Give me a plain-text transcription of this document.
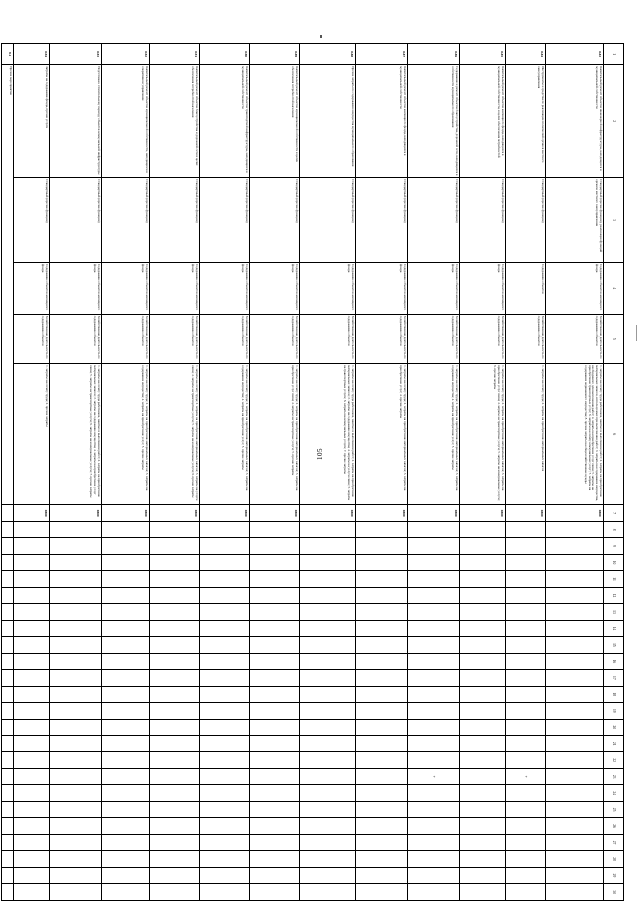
105
1	2	3	4	5	6	7	8	9	10	11	12	13	14	15	16	17	18	19	20	21	22	23	24	25	26	27	28	29	30
8.83	Капитальный ремонт объектов инженерной инфраструктуры, находящихся в муниципальной собственности	Стандартный (прочие функции), реализация функций органов местного самоуправления	Содержание объектов жилищного фонда	Хозяйственная деятельность по содержанию объектов	1. затраты на оплату труда работников, занятых в выполнении работ; 2. затраты на приобретение материальных запасов, используемых при выполнении работ; 3. затраты на содержание имущества, необходимого для выполнения работ; 4. затраты на приобретение услуг связи; 5. затраты на приобретение транспортных услуг; 6. затраты на оплату коммунальных услуг; 7. затраты на содержание недвижимого имущества; 8. прочие затраты на общехозяйственные нужды	0880																							
8.84	Инструменты и средства по реализации полномочий органов местного самоуправления	Стандартный (прочие функции)	Содержание объектов	Хозяйственная деятельность по содержанию объектов	1. затраты на оплату труда; 2. затраты на приобретение материальных запасов	0880																+							
8.85	Капитальный ремонт объектов жилищного фонда, находящихся в муниципальной собственности, в целях обеспечения потребностей	Стандартный (прочие функции)	Содержание объектов жилищного фонда	Хозяйственная деятельность по содержанию объектов	1. затраты на оплату труда; 2. затраты на приобретение материальных запасов; 3. затраты на приобретение услуг связи; 4. затраты на транспортные услуги; 5. затраты на коммунальные услуги; 6. прочие затраты	0880																							
8.86	Содержание и ремонт объектов благоустройства, дорожной сети, находящихся в собственности муниципального образования	Стандартный (прочие функции)	Содержание объектов жилищного фонда	Хозяйственная деятельность по содержанию объектов	1. затраты на оплату труда; 2. затраты на приобретение материальных запасов; 3. затраты на содержание имущества; 4. затраты на приобретение услуг; 5. прочие затраты	0880																+							
8.87	Капитальный ремонт объектов жилищного фонда, находящихся в муниципальной собственности	Стандартный (прочие функции)	Содержание объектов жилищного фонда	Хозяйственная деятельность по содержанию объектов	1. затраты на оплату труда; 2. затраты на приобретение материальных запасов; 3. затраты на приобретение услуг; 4. прочие затраты	0880																							
8.88	Прочие затраты по содержанию имущества муниципального образования	Стандартный (прочие функции)	Содержание объектов жилищного фонда	Хозяйственная деятельность по содержанию объектов	1. затраты на оплату труда работников, занятых в выполнении работ; 2. затраты на приобретение материальных запасов; 3. затраты на содержание имущества; 4. затраты на услуги связи; 5. затраты на транспортные услуги; 6. затраты на коммунальные услуги; 7. прочие затраты	0880																							
8.89	Капитальный ремонт объектов муниципальной собственности в целях обеспечения потребностей населения	Стандартный (прочие функции)	Содержание объектов жилищного фонда	Хозяйственная деятельность по содержанию объектов	1. затраты на оплату труда; 2. затраты на приобретение материальных запасов; 3. затраты на приобретение услуг связи; 4. затраты на транспортные услуги; 5. прочие затраты	0880																							
8.90	Капитальный ремонт объектов транспортной инфраструктуры, находящихся в муниципальной собственности	Стандартный (прочие функции)	Содержание объектов жилищного фонда	Хозяйственная деятельность по содержанию объектов	1. затраты на оплату труда; 2. затраты на приобретение материальных запасов; 3. затраты на содержание имущества; 4. затраты на приобретение услуг; 5. прочие затраты	0880																							
8.91	Капитальный ремонт объектов благоустройства и дорожной сети в целях обеспечения потребностей населения	Стандартный (прочие функции)	Содержание объектов жилищного фонда	Хозяйственная деятельность по содержанию объектов	1. затраты на оплату труда; 2. затраты на приобретение материальных запасов; 3. затраты на услуги связи; 4. затраты на транспортные услуги; 5. затраты на коммунальные услуги; 6. прочие затраты	0880																							
8.92	Капитальный ремонт объектов муниципальной собственности, находящихся в оперативном управлении	Стандартный (прочие функции)	Содержание объектов жилищного фонда	Хозяйственная деятельность по содержанию объектов	1. затраты на оплату труда; 2. затраты на приобретение материальных запасов; 3. затраты на содержание имущества; 4. затраты на приобретение услуг; 5. прочие затраты	0880																							
8.93	Подготовка к отопительному периоду объектов коммунальной инфраструктуры	Стандартный (прочие функции)	Содержание объектов жилищного фонда	Хозяйственная деятельность по содержанию объектов	1. затраты на оплату труда работников, занятых в выполнении работ; 2. затраты на приобретение материальных запасов; 3. затраты на содержание имущества; 4. затраты на приобретение услуг связи; 5. затраты на транспортные услуги; 6. затраты на коммунальные услуги; 7. прочие затраты	0880																							
8.94	Затраты на содержание фонда, прочие услуги	Стандартный (прочие функции)	Содержание объектов жилищного фонда	Хозяйственная деятельность по содержанию объектов	1. затраты на оплату труда; 2. прочие затраты	0880																							
9.1	Прочие мероприятия																												
